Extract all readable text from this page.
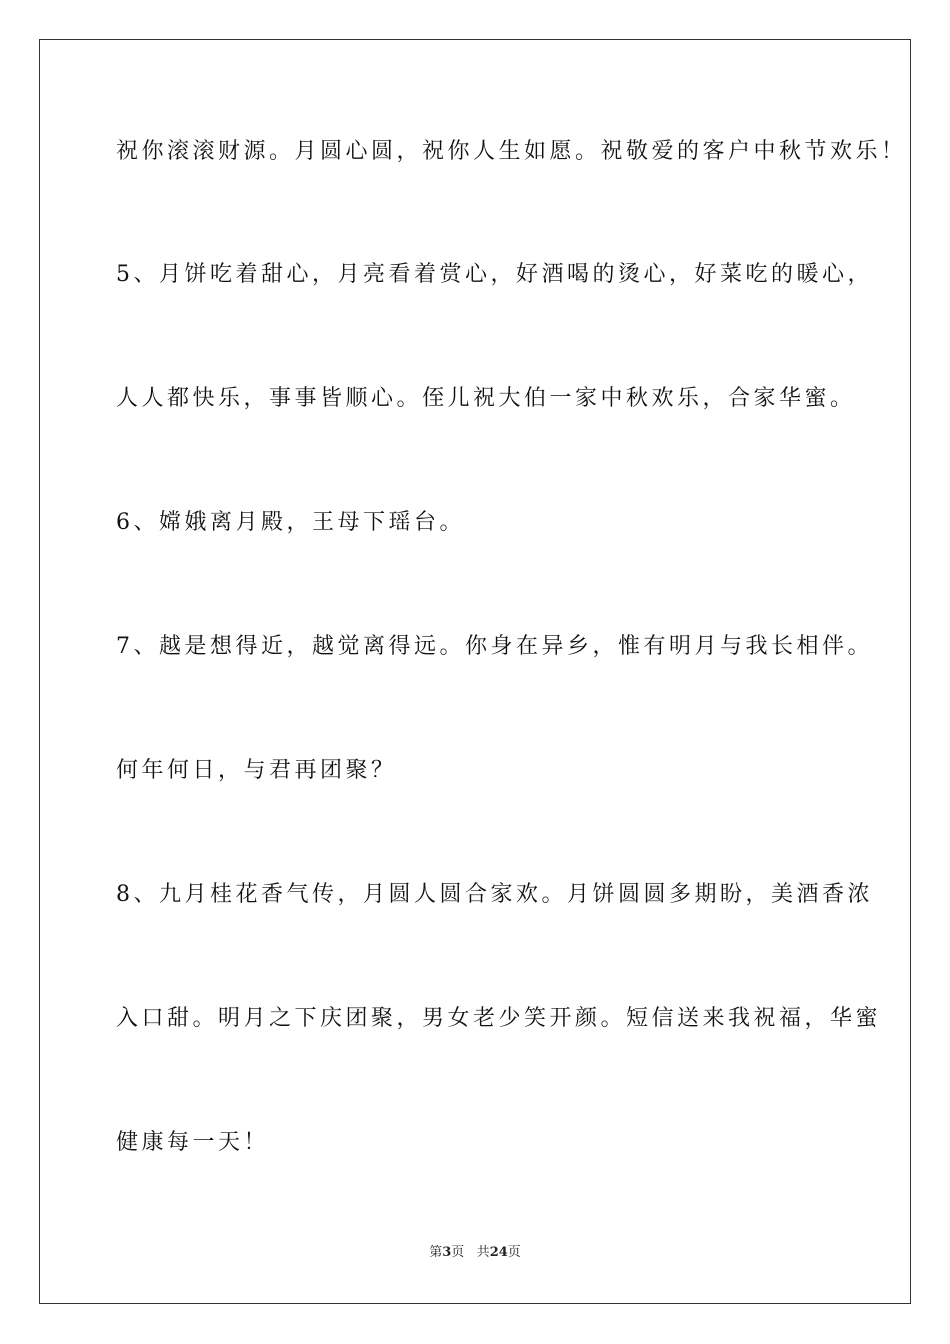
祝你滚滚财源。月圆心圆，祝你人生如愿。祝敬爱的客户中秋节欢乐！
5、月饼吃着甜心，月亮看着赏心，好酒喝的烫心，好菜吃的暖心，
人人都快乐，事事皆顺心。侄儿祝大伯一家中秋欢乐，合家华蜜。
6、嫦娥离月殿，王母下瑶台。
7、越是想得近，越觉离得远。你身在异乡，惟有明月与我长相伴。
何年何日，与君再团聚？
8、九月桂花香气传，月圆人圆合家欢。月饼圆圆多期盼，美酒香浓
入口甜。明月之下庆团聚，男女老少笑开颜。短信送来我祝福，华蜜
健康每一天！
第3页 共24页
